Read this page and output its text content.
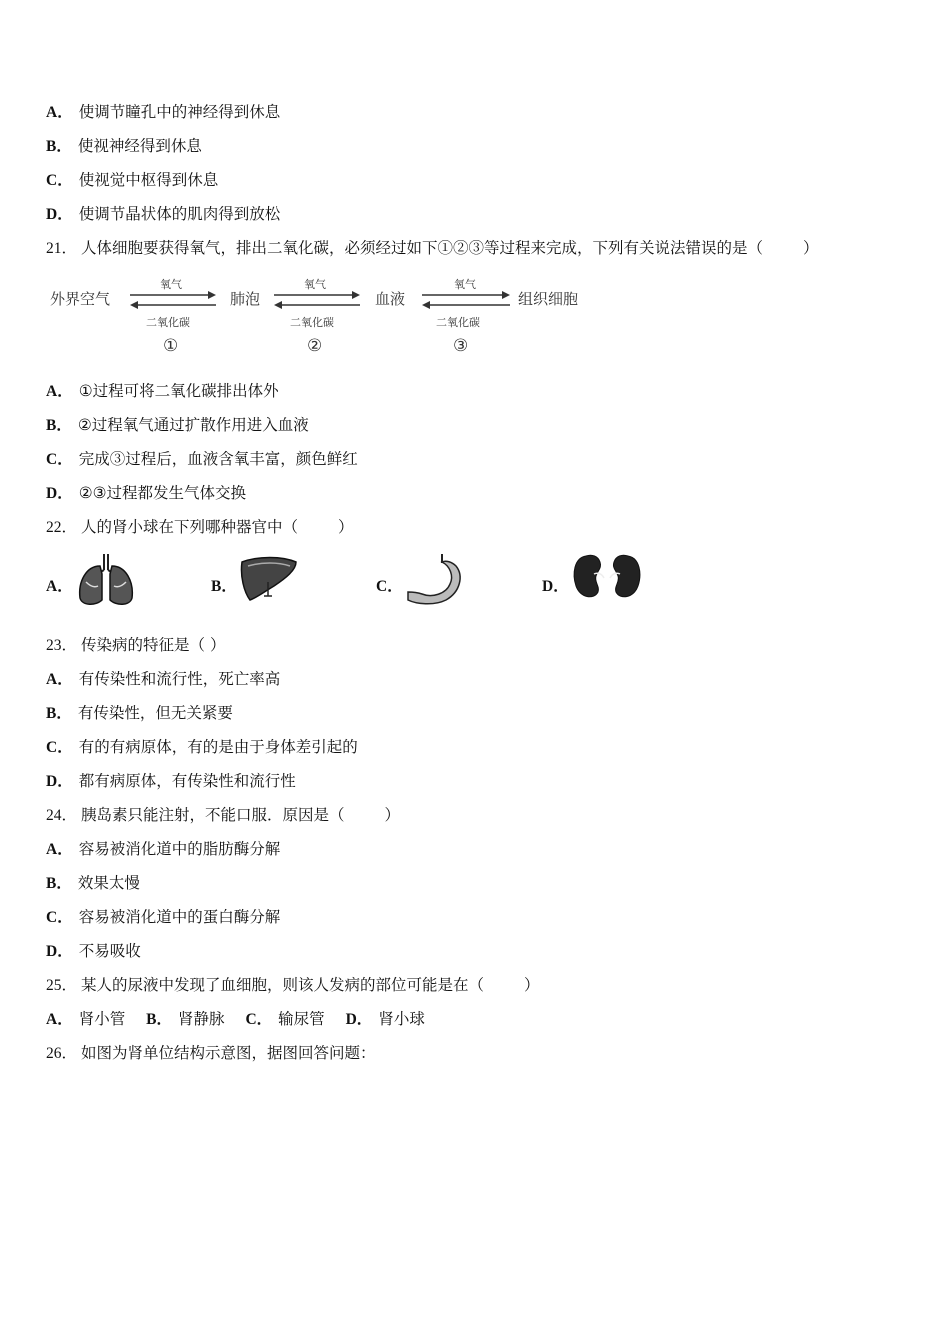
A． 使调节瞳孔中的神经得到休息
B． 使视神经得到休息
C． 使视觉中枢得到休息
D． 使调节晶状体的肌肉得到放松
21． 人体细胞要获得氧气，排出二氧化碳，必须经过如下①②③等过程来完成，下列有关说法错误的是（	）
外界空气	肺泡	血液	组织细胞
氧气
二氧化碳
①
氧气
二氧化碳
②
氧气
二氧化碳
③
A． ①过程可将二氧化碳排出体外
B． ②过程氧气通过扩散作用进入血液
C． 完成③过程后，血液含氧丰富，颜色鲜红
D． ②③过程都发生气体交换
22． 人的肾小球在下列哪种器官中（	）
A．	B．	C．	D．
23． 传染病的特征是（ ）
A． 有传染性和流行性，死亡率高
B． 有传染性，但无关紧要
C． 有的有病原体，有的是由于身体差引起的
D． 都有病原体，有传染性和流行性
24． 胰岛素只能注射，不能口服．原因是（	）
A． 容易被消化道中的脂肪酶分解
B． 效果太慢
C． 容易被消化道中的蛋白酶分解
D． 不易吸收
25． 某人的尿液中发现了血细胞，则该人发病的部位可能是在（	）
A． 肾小管 B． 肾静脉 C． 输尿管 D． 肾小球
26． 如图为肾单位结构示意图，据图回答问题：
